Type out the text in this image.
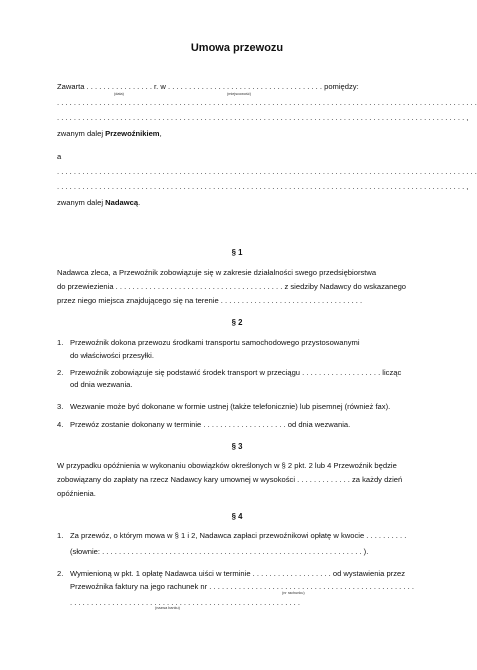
Umowa przewozu
Zawarta . . . . . . . . . . . . . . . . r. w . . . . . . . . . . . . . . . . . . . . . . . . . . . . . . . . . . . . . pomiędzy:
(data)	(miejscowość)
. . . . . . . . . . . . . . . . . . . . . . . . . . . . . . . . . . . . . . . . . . . . . . . . . . . . . . . . . . . . . . . . . . . . . . . . . . . . . . . . . . . . . . . . . . . . . . . . . . . .
. . . . . . . . . . . . . . . . . . . . . . . . . . . . . . . . . . . . . . . . . . . . . . . . . . . . . . . . . . . . . . . . . . . . . . . . . . . . . . . . . . . . . . . . . . . . . . . . . ,
zwanym dalej Przewoźnikiem,
a
. . . . . . . . . . . . . . . . . . . . . . . . . . . . . . . . . . . . . . . . . . . . . . . . . . . . . . . . . . . . . . . . . . . . . . . . . . . . . . . . . . . . . . . . . . . . . . . . . . . .
. . . . . . . . . . . . . . . . . . . . . . . . . . . . . . . . . . . . . . . . . . . . . . . . . . . . . . . . . . . . . . . . . . . . . . . . . . . . . . . . . . . . . . . . . . . . . . . . . ,
zwanym dalej Nadawcą.
§ 1
Nadawca zleca, a Przewoźnik zobowiązuje się w zakresie działalności swego przedsiębiorstwa
do przewiezienia . . . . . . . . . . . . . . . . . . . . . . . . . . . . . . . . . . . . . . . . z siedziby Nadawcy do wskazanego
przez niego miejsca znajdującego się na terenie . . . . . . . . . . . . . . . . . . . . . . . . . . . . . . . . . .
§ 2
1. Przewoźnik dokona przewozu środkami transportu samochodowego przystosowanymi
do właściwości przesyłki.
2. Przewoźnik zobowiązuje się podstawić środek transport w przeciągu . . . . . . . . . . . . . . . . . . . licząc
od dnia wezwania.
3. Wezwanie może być dokonane w formie ustnej (także telefonicznie) lub pisemnej (również fax).
4. Przewóz zostanie dokonany w terminie . . . . . . . . . . . . . . . . . . . . od dnia wezwania.
§ 3
W przypadku opóźnienia w wykonaniu obowiązków określonych w § 2 pkt. 2 lub 4 Przewoźnik będzie
zobowiązany do zapłaty na rzecz Nadawcy kary umownej w wysokości . . . . . . . . . . . . . za każdy dzień
opóźnienia.
§ 4
1. Za przewóz, o którym mowa w § 1 i 2, Nadawca zapłaci przewoźnikowi opłatę w kwocie . . . . . . . . . .
(słownie: . . . . . . . . . . . . . . . . . . . . . . . . . . . . . . . . . . . . . . . . . . . . . . . . . . . . . . . . . . . . . . ).
2. Wymienioną w pkt. 1 opłatę Nadawca uiści w terminie . . . . . . . . . . . . . . . . . . . od wystawienia przez
Przewoźnika faktury na jego rachunek nr . . . . . . . . . . . . . . . . . . . . . . . . . . . . . . . . . . . . . . . . . . . . . . . . .
(nr rachunku)
. . . . . . . . . . . . . . . . . . . . . . . . . . . . . . . . . . . . . . . . . . . . . . . . . . . . . . .
(nazwa banku)
